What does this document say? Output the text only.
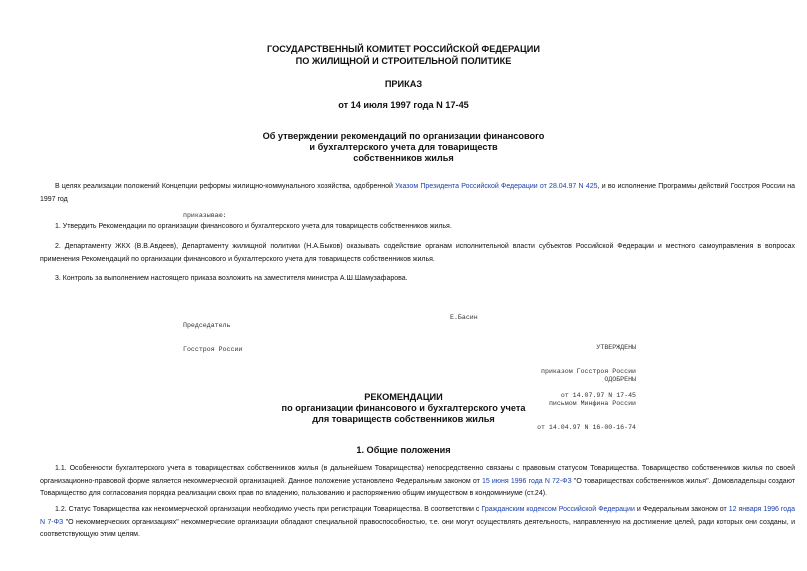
ГОСУДАРСТВЕННЫЙ КОМИТЕТ РОССИЙСКОЙ ФЕДЕРАЦИИ
ПО ЖИЛИЩНОЙ И СТРОИТЕЛЬНОЙ ПОЛИТИКЕ
ПРИКАЗ
от 14 июля 1997 года N 17-45
Об утверждении рекомендаций по организации финансового
и бухгалтерского учета для товариществ
собственников жилья
В целях реализации положений Концепции реформы жилищно-коммунального хозяйства, одобренной Указом Президента Российской Федерации от 28.04.97 N 425, и во исполнение Программы действий Госстроя России на 1997 год
приказываю:
1. Утвердить Рекомендации по организации финансового и бухгалтерского учета для товариществ собственников жилья.
2. Департаменту ЖКХ (В.В.Авдеев), Департаменту жилищной политики (Н.А.Быков) оказывать содействие органам исполнительной власти субъектов Российской Федерации и местного самоуправления в вопросах применения Рекомендаций по организации финансового и бухгалтерского учета для товариществ собственников жилья.
3. Контроль за выполнением настоящего приказа возложить на заместителя министра А.Ш.Шамузафарова.

Председатель

Госстроя России

Е.Басин

УТВЕРЖДЕНЫ

приказом Госстроя России

от 14.07.97 N 17-45

ОДОБРЕНЫ

письмом Минфина России

от 14.04.97 N 16-00-16-74

РЕКОМЕНДАЦИИ
по организации финансового и бухгалтерского учета
для товариществ собственников жилья
1. Общие положения
1.1. Особенности бухгалтерского учета в товариществах собственников жилья (в дальнейшем Товарищества) непосредственно связаны с правовым статусом Товарищества. Товарищество собственников жилья по своей организационно-правовой форме является некоммерческой организацией. Данное положение установлено Федеральным законом от 15 июня 1996 года N 72-ФЗ "О товариществах собственников жилья". Домовладельцы создают Товарищество для согласования порядка реализации своих прав по владению, пользованию и распоряжению общим имуществом в кондоминиуме (ст.24).
1.2. Статус Товарищества как некоммерческой организации необходимо учесть при регистрации Товарищества. В соответствии с Гражданским кодексом Российской Федерации и Федеральным законом от 12 января 1996 года N 7-ФЗ "О некоммерческих организациях" некоммерческие организации обладают специальной правоспособностью, т.е. они могут осуществлять деятельность, направленную на достижение целей, ради которых они созданы, и соответствующую этим целям.
